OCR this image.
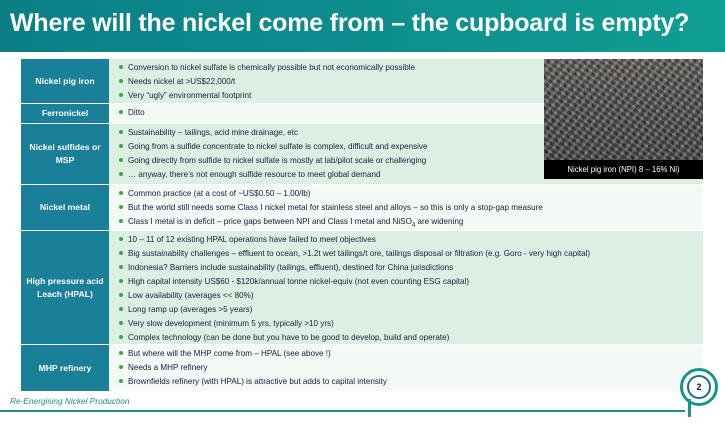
Where will the nickel come from – the cupboard is empty?
Nickel pig iron
Conversion to nickel sulfate is chemically possible but not economically possible
Needs nickel at >US$22,000/t
Very “ugly” environmental footprint
Ferronickel	Ditto
Nickel sulfides or MSP
Sustainability – tailings, acid mine drainage, etc
Going from a sulfide concentrate to nickel sulfate is complex, difficult and expensive
Going directly from sulfide to nickel sulfate is mostly at lab/pilot scale or challenging
… anyway, there’s not enough sulfide resource to meet global demand
Nickel metal
Common practice (at a cost of ~US$0.50 – 1.00/lb)
But the world still needs some Class I nickel metal for stainless steel and alloys – so this is only a stop-gap measure
Class I metal is in deficit – price gaps between NPI and Class I metal and NiSO$_4$ are widening
High pressure acid Leach (HPAL)
10 – 11 of 12 existing HPAL operations have failed to meet objectives
Big sustainability challenges – effluent to ocean, >1.2t wet tailings/t ore, tailings disposal or filtration (e.g. Goro - very high capital)
Indonesia? Barriers include sustainability (tailings, effluent), destined for China jurisdictions
High capital intensity US$60 - $120k/annual tonne nickel-equiv (not even counting ESG capital)
Low availability (averages << 80%)
Long ramp up (averages >5 years)
Very slow development (minimum 5 yrs, typically >10 yrs)
Complex technology (can be done but you have to be good to develop, build and operate)
MHP refinery
But where will the MHP come from – HPAL (see above !)
Needs a MHP refinery
Brownfields refinery (with HPAL) is attractive but adds to capital intensity
Nickel pig iron (NPI) 8 – 16% Ni)
Re-Energising Nickel Production
2
